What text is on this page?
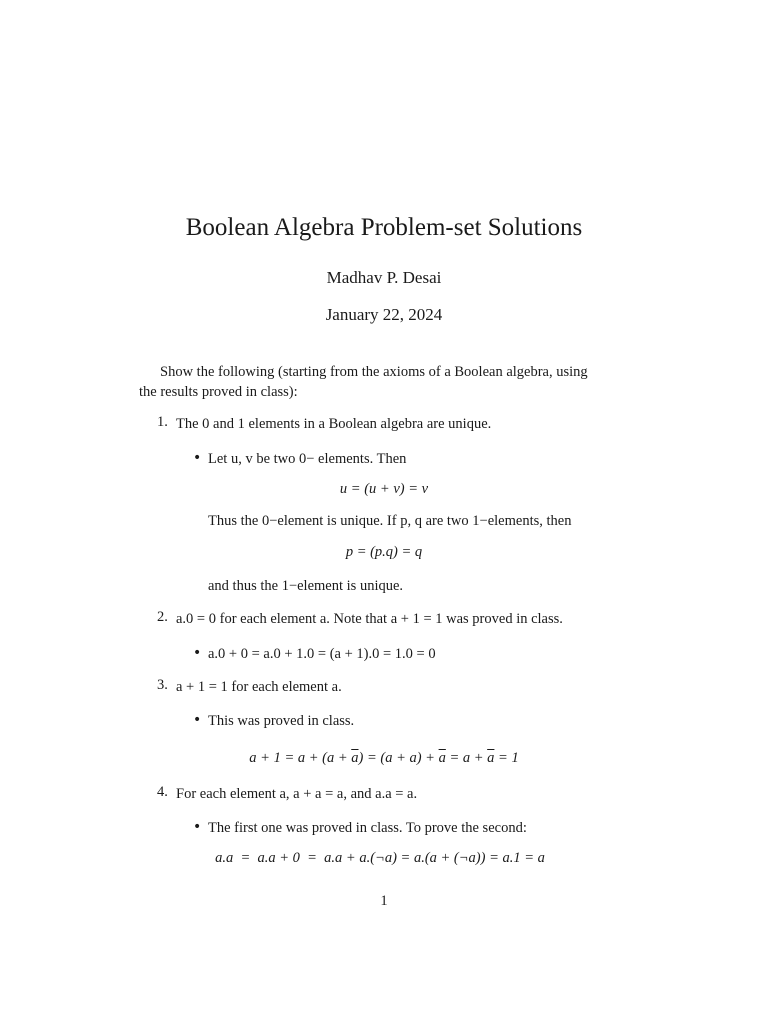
Boolean Algebra Problem-set Solutions
Madhav P. Desai
January 22, 2024
Show the following (starting from the axioms of a Boolean algebra, using
the results proved in class):
1. The 0 and 1 elements in a Boolean algebra are unique.
• Let u, v be two 0− elements. Then
u = (u + v) = v
Thus the 0−element is unique. If p, q are two 1−elements, then
p = (p.q) = q
and thus the 1−element is unique.
2. a.0 = 0 for each element a. Note that a + 1 = 1 was proved in class.
• a.0 + 0 = a.0 + 1.0 = (a + 1).0 = 1.0 = 0
3. a + 1 = 1 for each element a.
• This was proved in class.
$a + 1 = a + (a + \overline{a}) = (a + a) + \overline{a} = a + \overline{a} = 1$
4. For each element a, a + a = a, and a.a = a.
• The first one was proved in class. To prove the second:
a.a  =  a.a + 0  =  a.a + a.(¬a) = a.(a + (¬a)) = a.1 = a
1
